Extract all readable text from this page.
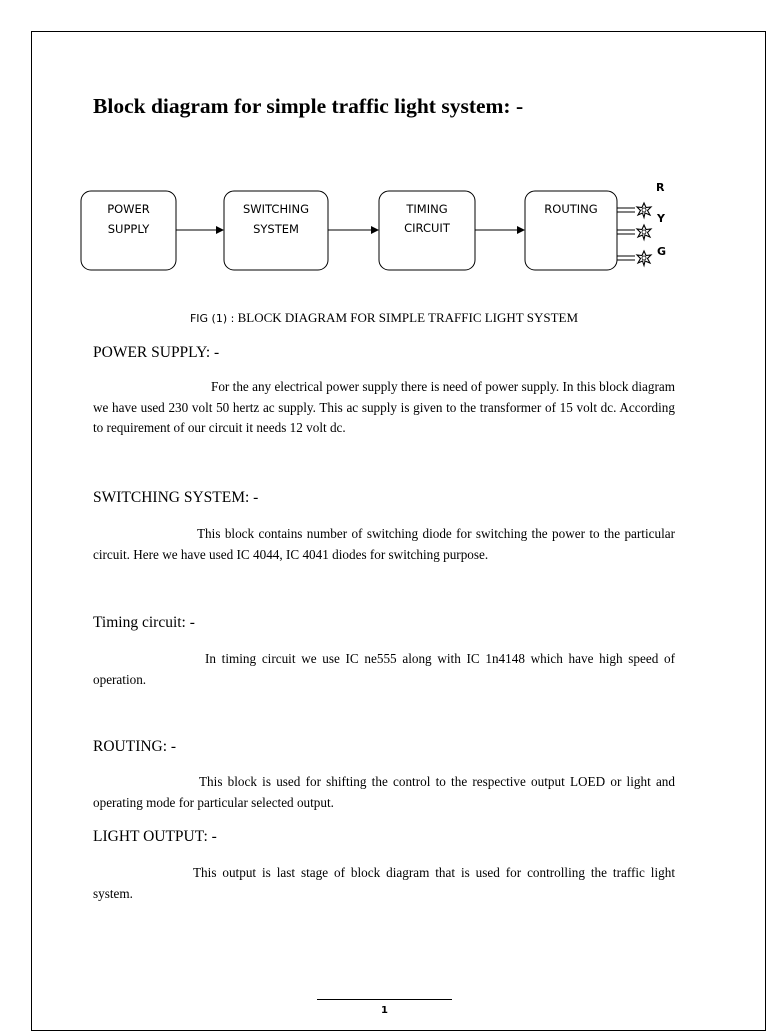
Block diagram for simple traffic light system: -
POWER
SUPPLY
SWITCHING
SYSTEM
TIMING
CIRCUIT
ROUTING
R
Y
G
FIG (1) : BLOCK DIAGRAM FOR SIMPLE TRAFFIC LIGHT SYSTEM
POWER SUPPLY: -

For the any electrical power supply there is need of power supply. In this block diagram we have used 230 volt 50 hertz ac supply. This ac supply is given to the transformer of 15 volt dc. According to requirement of our circuit it needs 12 volt dc.

SWITCHING SYSTEM: -

This block contains number of switching diode for switching the power to the particular circuit. Here we have used IC 4044, IC 4041 diodes for switching purpose.

Timing circuit: -

In timing circuit we use IC ne555 along with IC 1n4148 which have high speed of operation.

ROUTING: -

This block is used for shifting the control to the respective output LOED or light and operating mode for particular selected output.

LIGHT OUTPUT: -

This output is last stage of block diagram that is used for controlling the traffic light system.

1
